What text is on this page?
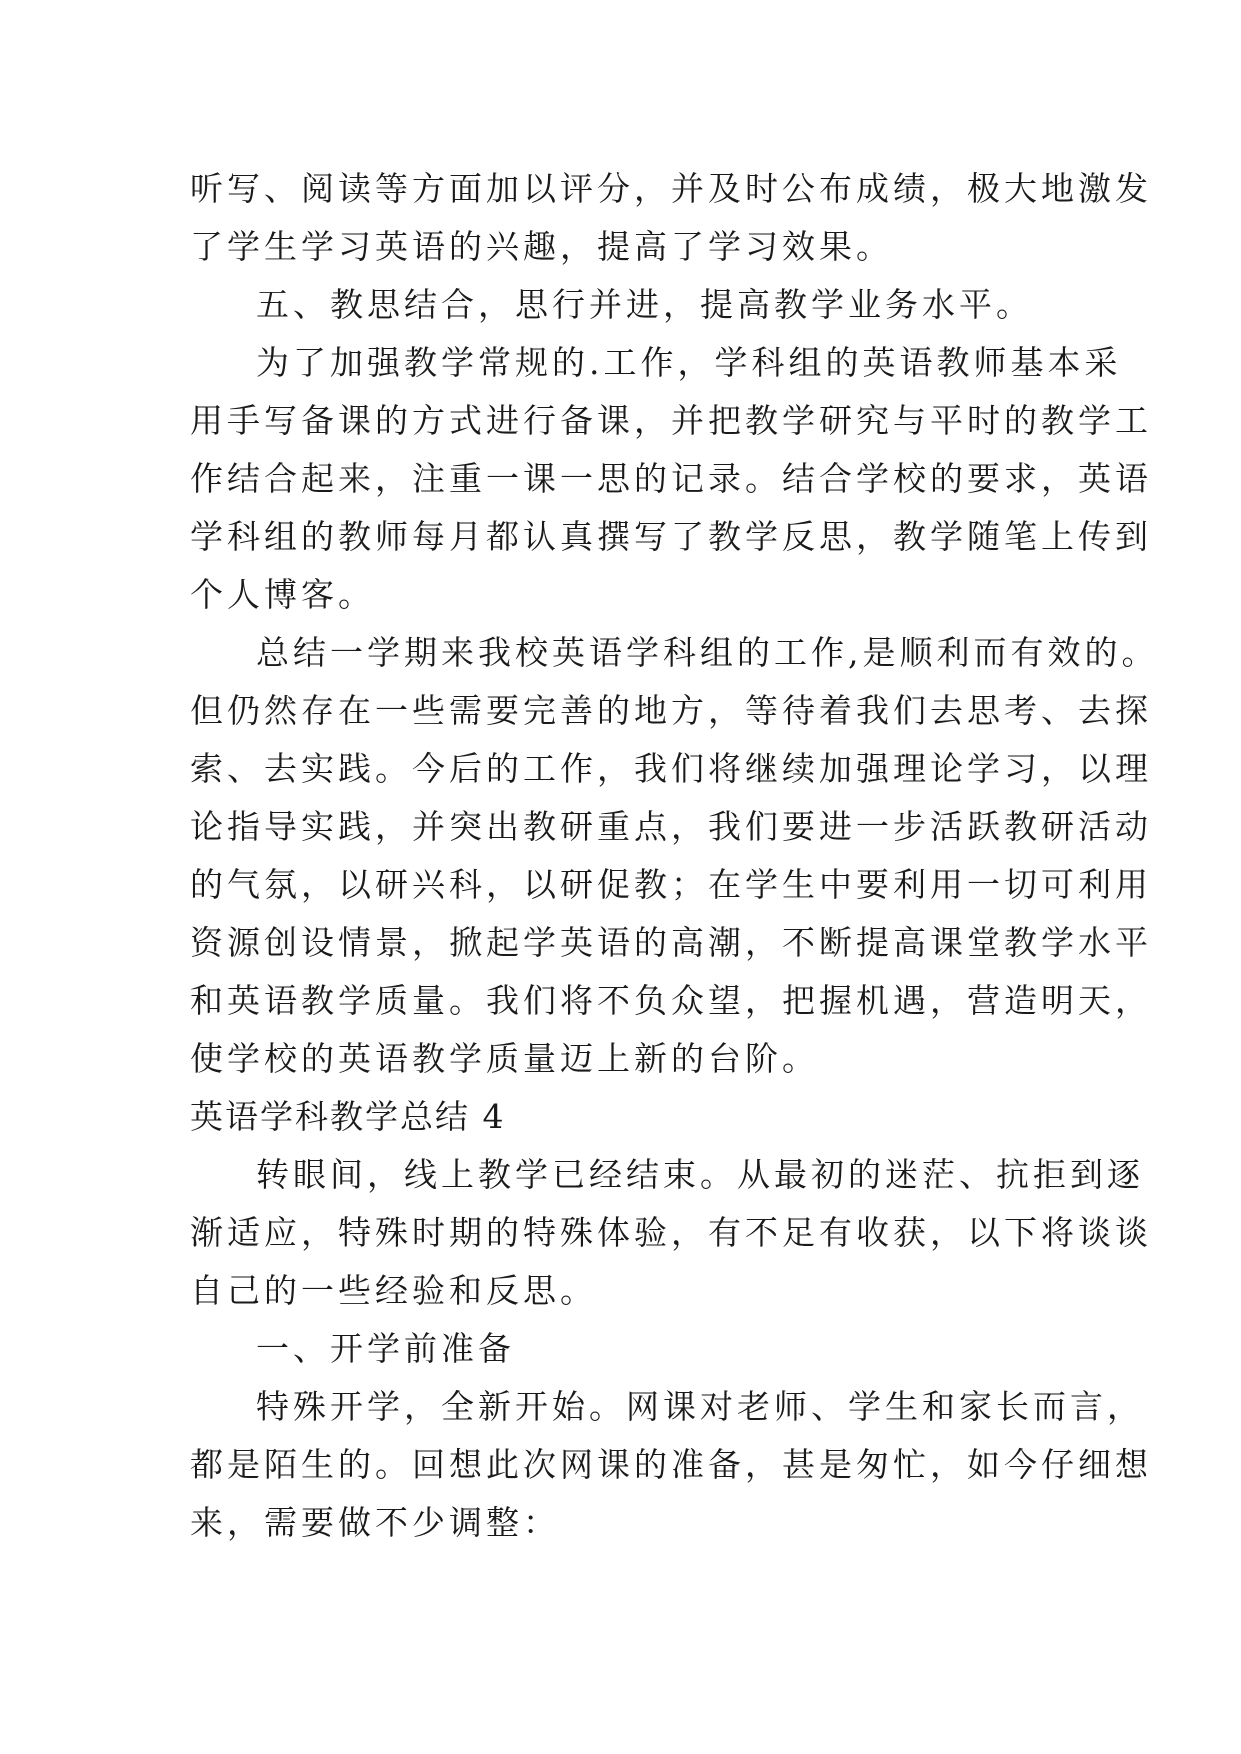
听写、阅读等方面加以评分，并及时公布成绩，极大地激发
了学生学习英语的兴趣，提高了学习效果。
五、教思结合，思行并进，提高教学业务水平。
为了加强教学常规的.工作，学科组的英语教师基本采
用手写备课的方式进行备课，并把教学研究与平时的教学工
作结合起来，注重一课一思的记录。结合学校的要求，英语
学科组的教师每月都认真撰写了教学反思，教学随笔上传到
个人博客。
总结一学期来我校英语学科组的工作,是顺利而有效的。
但仍然存在一些需要完善的地方，等待着我们去思考、去探
索、去实践。今后的工作，我们将继续加强理论学习，以理
论指导实践，并突出教研重点，我们要进一步活跃教研活动
的气氛，以研兴科，以研促教；在学生中要利用一切可利用
资源创设情景，掀起学英语的高潮，不断提高课堂教学水平
和英语教学质量。我们将不负众望，把握机遇，营造明天，
使学校的英语教学质量迈上新的台阶。
英语学科教学总结 4
转眼间，线上教学已经结束。从最初的迷茫、抗拒到逐
渐适应，特殊时期的特殊体验，有不足有收获，以下将谈谈
自己的一些经验和反思。
一、开学前准备
特殊开学，全新开始。网课对老师、学生和家长而言，
都是陌生的。回想此次网课的准备，甚是匆忙，如今仔细想
来，需要做不少调整：
